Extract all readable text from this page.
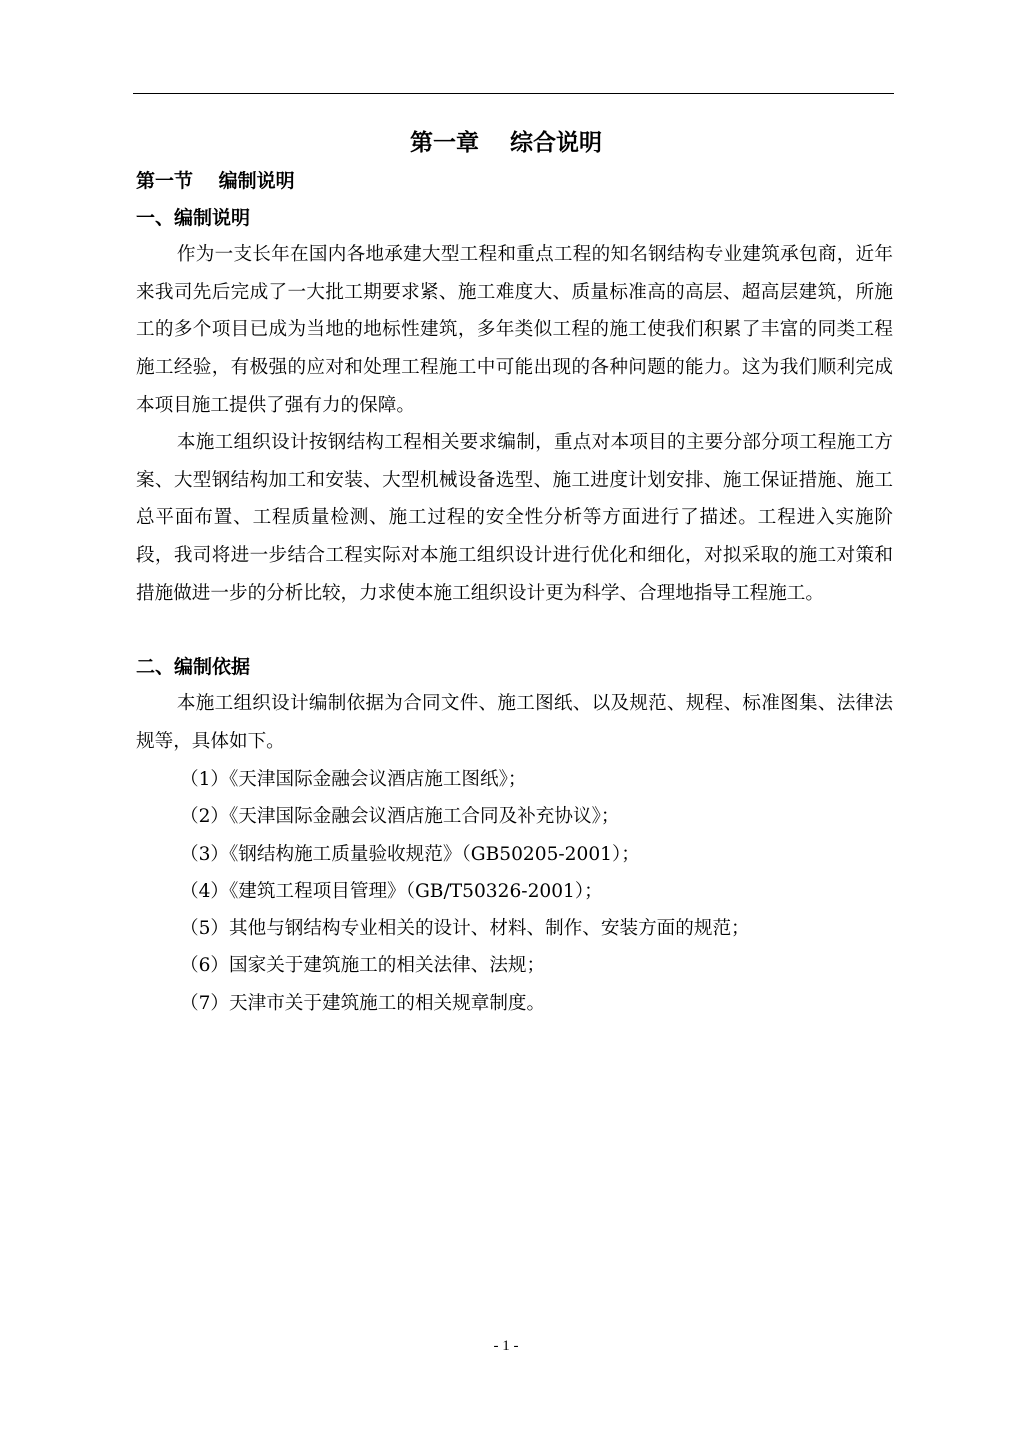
第一章　 综合说明
第一节　 编制说明
一、编制说明

作为一支长年在国内各地承建大型工程和重点工程的知名钢结构专业建筑承包商，近年来我司先后完成了一大批工期要求紧、施工难度大、质量标准高的高层、超高层建筑，所施工的多个项目已成为当地的地标性建筑，多年类似工程的施工使我们积累了丰富的同类工程施工经验，有极强的应对和处理工程施工中可能出现的各种问题的能力。这为我们顺利完成本项目施工提供了强有力的保障。

本施工组织设计按钢结构工程相关要求编制，重点对本项目的主要分部分项工程施工方案、大型钢结构加工和安装、大型机械设备选型、施工进度计划安排、施工保证措施、施工总平面布置、工程质量检测、施工过程的安全性分析等方面进行了描述。工程进入实施阶段，我司将进一步结合工程实际对本施工组织设计进行优化和细化，对拟采取的施工对策和措施做进一步的分析比较，力求使本施工组织设计更为科学、合理地指导工程施工。

二、编制依据

本施工组织设计编制依据为合同文件、施工图纸、以及规范、规程、标准图集、法律法规等，具体如下。

（1）《天津国际金融会议酒店施工图纸》；
（2）《天津国际金融会议酒店施工合同及补充协议》；
（3）《钢结构施工质量验收规范》（GB50205-2001）；
（4）《建筑工程项目管理》（GB/T50326-2001）；
（5）其他与钢结构专业相关的设计、材料、制作、安装方面的规范；
（6）国家关于建筑施工的相关法律、法规；
（7）天津市关于建筑施工的相关规章制度。
- 1 -
